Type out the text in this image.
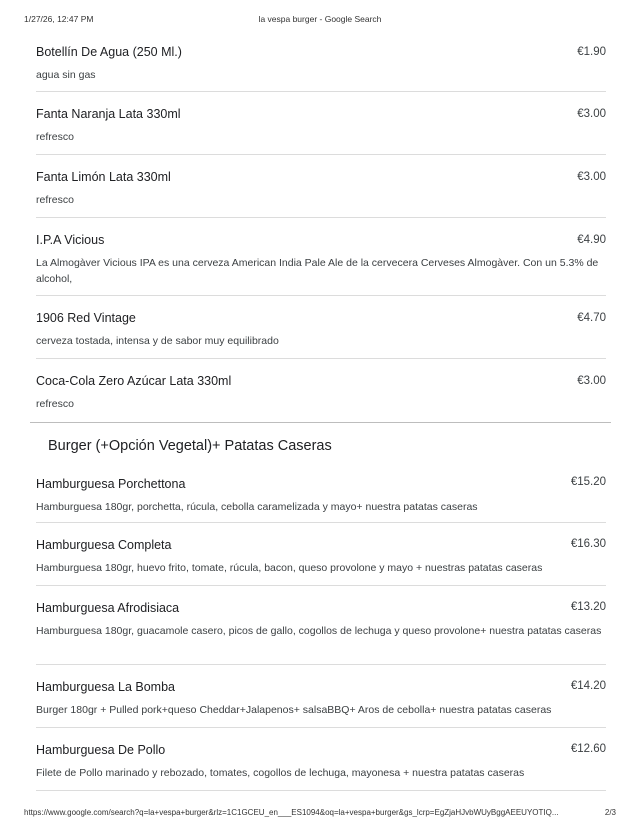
1/27/26, 12:47 PM	la vespa burger - Google Search
Botellín De Agua (250 Ml.)	€1.90
agua sin gas
Fanta Naranja Lata 330ml	€3.00
refresco
Fanta Limón Lata 330ml	€3.00
refresco
I.P.A Vicious	€4.90
La Almogàver Vicious IPA es una cerveza American India Pale Ale de la cervecera Cerveses Almogàver. Con un 5.3% de alcohol,
1906 Red Vintage	€4.70
cerveza tostada, intensa y de sabor muy equilibrado
Coca-Cola Zero Azúcar Lata 330ml	€3.00
refresco
Burger (+Opción Vegetal)+ Patatas Caseras
Hamburguesa Porchettona	€15.20
Hamburguesa 180gr, porchetta, rúcula, cebolla caramelizada y mayo+ nuestra patatas caseras
Hamburguesa Completa	€16.30
Hamburguesa 180gr, huevo frito, tomate, rúcula, bacon, queso provolone y mayo + nuestras patatas caseras
Hamburguesa Afrodisiaca	€13.20
Hamburguesa 180gr, guacamole casero, picos de gallo, cogollos de lechuga y queso provolone+ nuestra patatas caseras
Hamburguesa La Bomba	€14.20
Burger 180gr + Pulled pork+queso Cheddar+Jalapenos+ salsaBBQ+ Aros de cebolla+ nuestra patatas caseras
Hamburguesa De Pollo	€12.60
Filete de Pollo marinado y rebozado, tomates, cogollos de lechuga, mayonesa + nuestra patatas caseras
https://www.google.com/search?q=la+vespa+burger&rlz=1C1GCEU_en___ES1094&oq=la+vespa+burger&gs_lcrp=EgZjaHJvbWUyBggAEEUYOTIQ...	2/3
